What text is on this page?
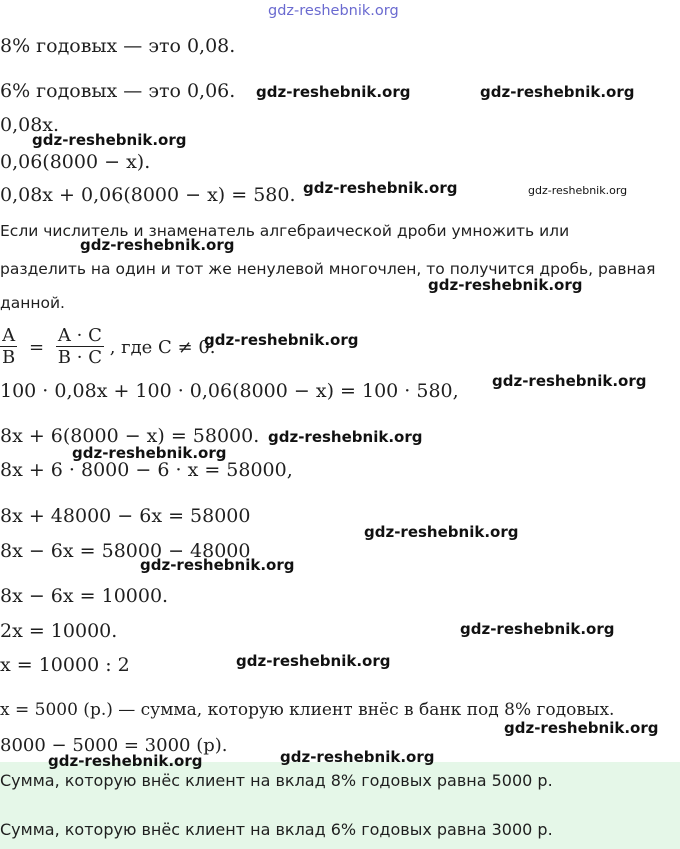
gdz-reshebnik.org
8% годовых — это 0,08.
6% годовых — это 0,06.
0,08x.
0,06(8000 − x).
0,08x + 0,06(8000 − x) = 580.
Если числитель и знаменатель алгебраической дроби умножить или
разделить на один и тот же ненулевой многочлен, то получится дробь, равная
данной.
$\frac{A}{B} = \frac{A \cdot C}{B \cdot C}$ , где C ≠ 0.
100 · 0,08x + 100 · 0,06(8000 − x) = 100 · 580,
8x + 6(8000 − x) = 58000.
8x + 6 · 8000 − 6 · x = 58000,
8x + 48000 − 6x = 58000
8x − 6x = 58000 − 48000
8x − 6x = 10000.
2x = 10000.
x = 10000 : 2
x = 5000 (р.) — сумма, которую клиент внёс в банк под 8% годовых.
8000 − 5000 = 3000 (р).
Сумма, которую внёс клиент на вклад 8% годовых равна 5000 р.
Сумма, которую внёс клиент на вклад 6% годовых равна 3000 р.
gdz-reshebnik.org	gdz-reshebnik.org
gdz-reshebnik.org
gdz-reshebnik.org	gdz-reshebnik.org
gdz-reshebnik.org
gdz-reshebnik.org
gdz-reshebnik.org
gdz-reshebnik.org
gdz-reshebnik.org
gdz-reshebnik.org
gdz-reshebnik.org
gdz-reshebnik.org
gdz-reshebnik.org
gdz-reshebnik.org
gdz-reshebnik.org
gdz-reshebnik.org	gdz-reshebnik.org
